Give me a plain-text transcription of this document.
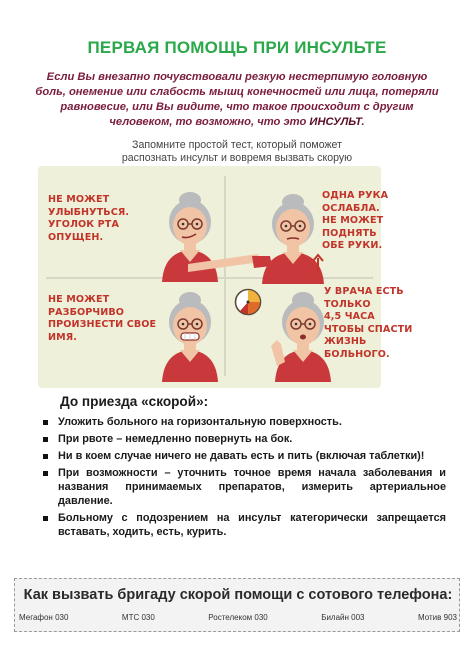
ПЕРВАЯ ПОМОЩЬ ПРИ ИНСУЛЬТЕ
Если Вы внезапно почувствовали резкую нестерпимую головную
боль, онемение или слабость мышц конечностей или лица, потеряли
равновесие, или Вы видите, что такое происходит с другим
человеком, то возможно, что это ИНСУЛЬТ.
Запомните простой тест, который поможет
распознать инсульт и вовремя вызвать скорую
НЕ МОЖЕТ УЛЫБНУТЬСЯ.
УГОЛОК РТА ОПУЩЕН.
ОДНА РУКА ОСЛАБЛА.
НЕ МОЖЕТ ПОДНЯТЬ
ОБЕ РУКИ.
НЕ МОЖЕТ РАЗБОРЧИВО
ПРОИЗНЕСТИ СВОЕ ИМЯ.
У ВРАЧА ЕСТЬ ТОЛЬКО
4,5 ЧАСА ЧТОБЫ СПАСТИ
ЖИЗНЬ БОЛЬНОГО.
До приезда «скорой»:
Уложить больного на горизонтальную поверхность.
При рвоте – немедленно повернуть на бок.
Ни в коем случае ничего не давать есть и пить (включая таблетки)!
При возможности – уточнить точное время начала заболевания и названия принимаемых препаратов, измерить артериальное давление.
Больному с подозрением на инсульт категорически запрещается вставать, ходить, есть, курить.
Как вызвать бригаду скорой помощи с сотового телефона:
Мегафон 030	МТС 030	Ростелеком 030	Билайн 003	Мотив 903
